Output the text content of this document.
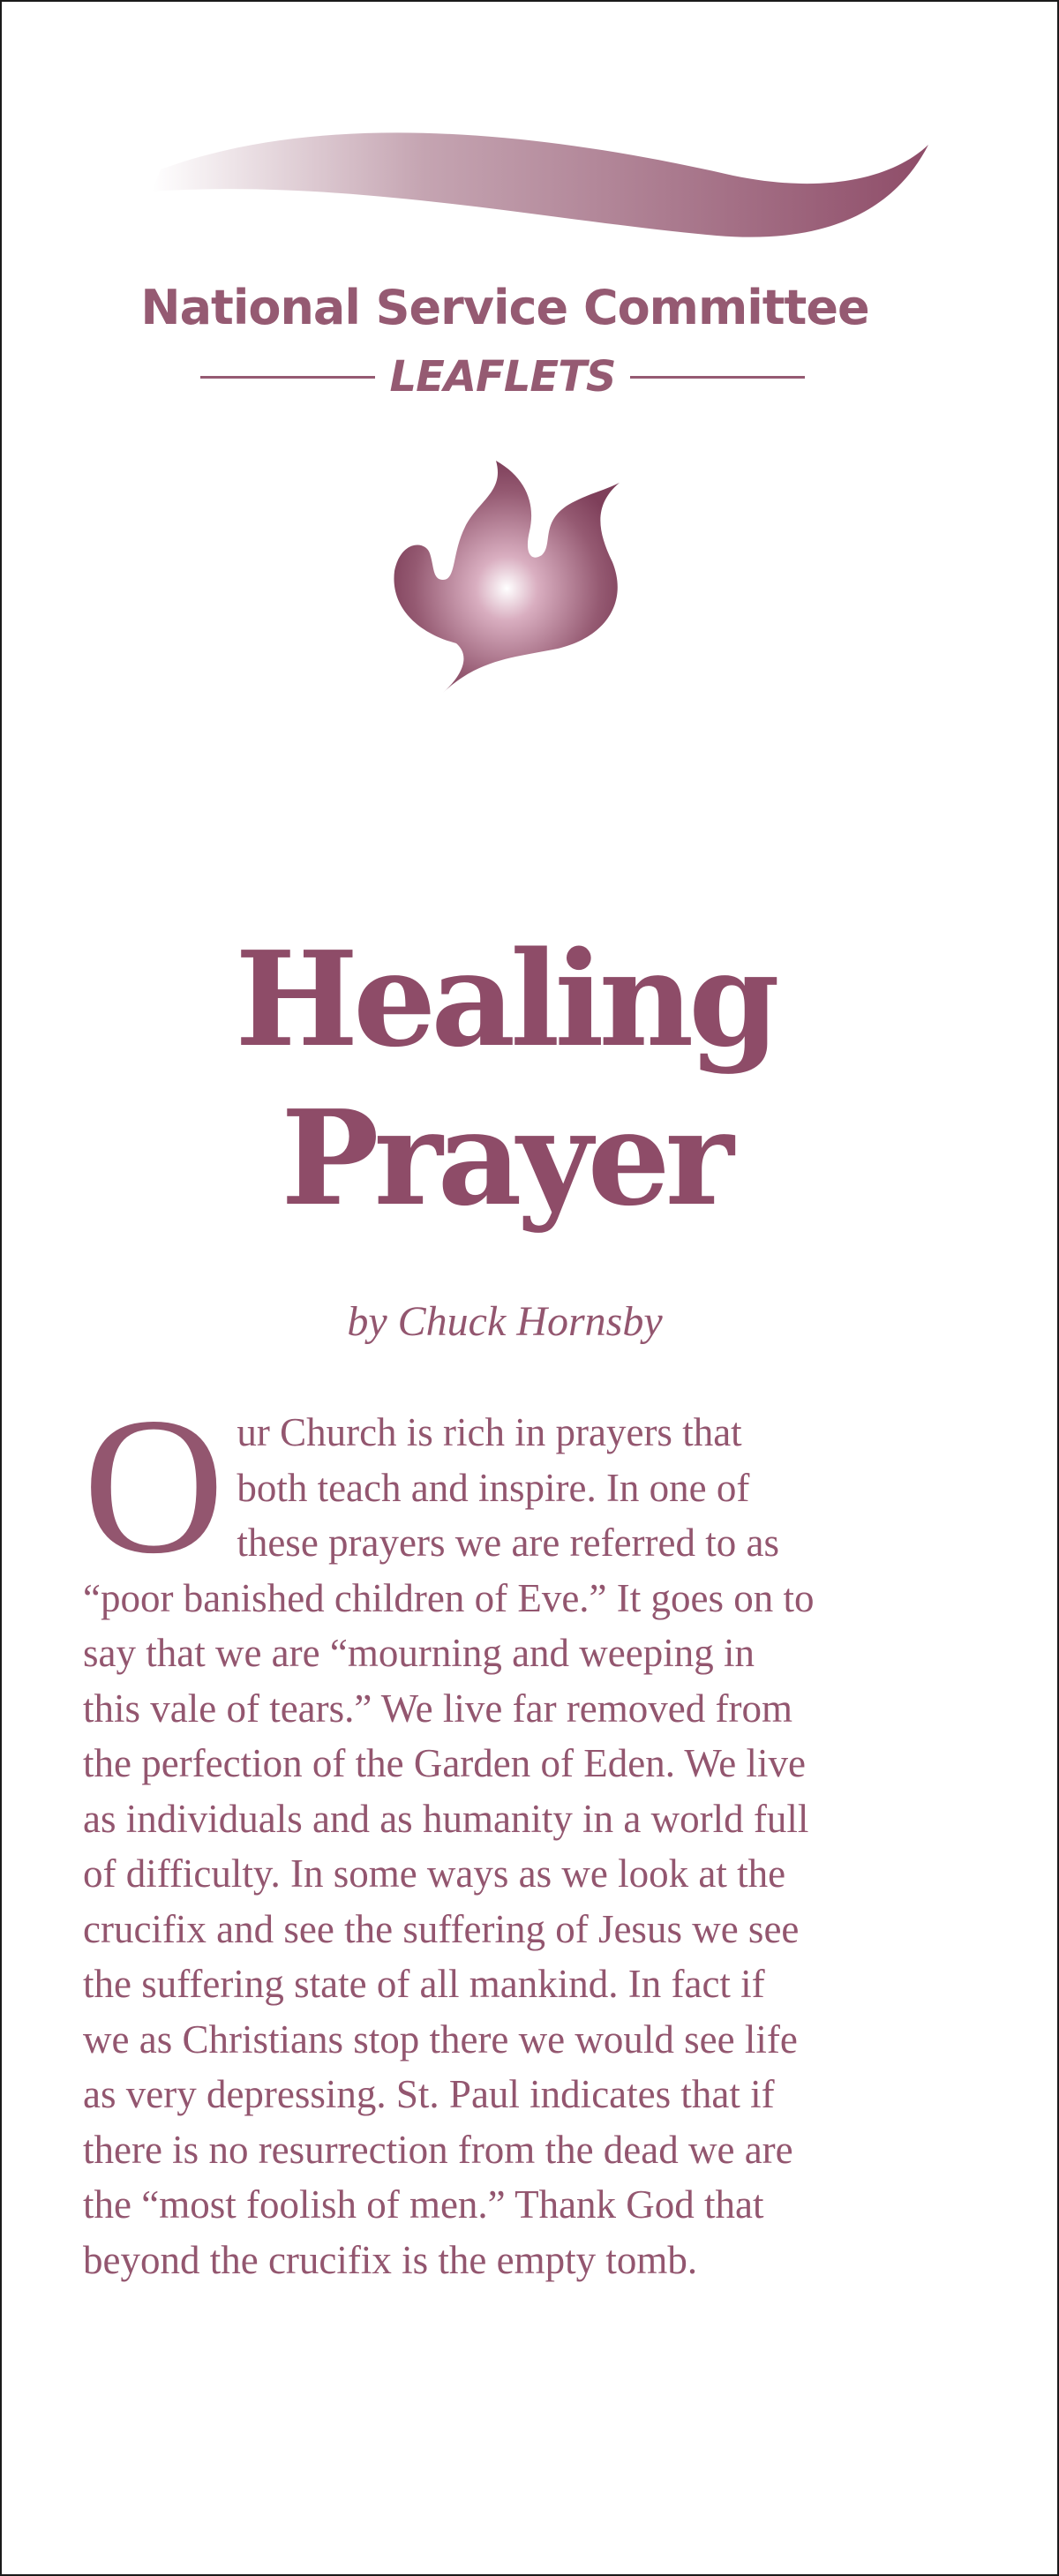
National Service Committee
LEAFLETS
Healing
Prayer
by Chuck Hornsby
O ur Church is rich in prayers that
both teach and inspire. In one of
these prayers we are referred to as
“poor banished children of Eve.” It goes on to
say that we are “mourning and weeping in
this vale of tears.” We live far removed from
the perfection of the Garden of Eden. We live
as individuals and as humanity in a world full
of difficulty. In some ways as we look at the
crucifix and see the suffering of Jesus we see
the suffering state of all mankind. In fact if
we as Christians stop there we would see life
as very depressing. St. Paul indicates that if
there is no resurrection from the dead we are
the “most foolish of men.” Thank God that
beyond the crucifix is the empty tomb.
